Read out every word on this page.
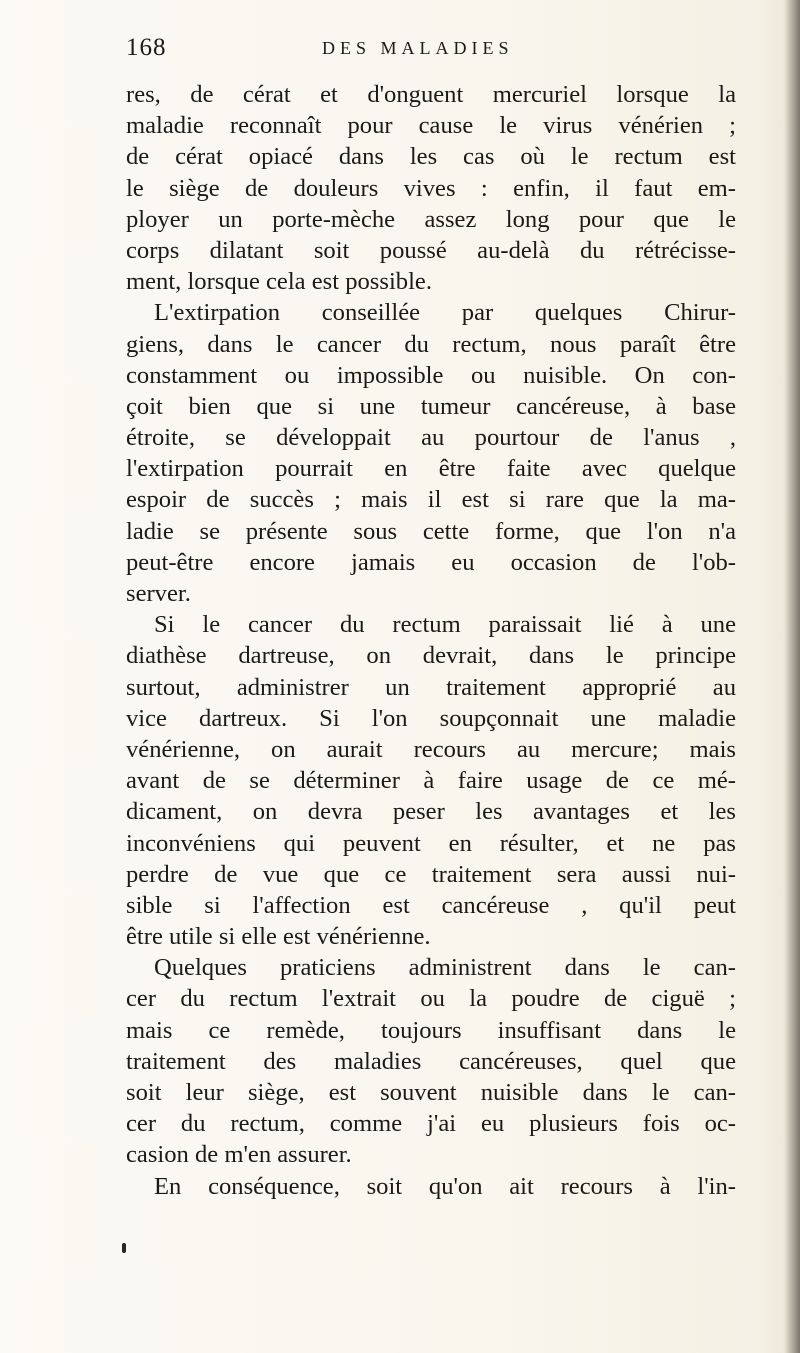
168	DES MALADIES
res, de cérat et d'onguent mercuriel lorsque la
maladie reconnaît pour cause le virus vénérien ;
de cérat opiacé dans les cas où le rectum est
le siège de douleurs vives : enfin, il faut em-
ployer un porte-mèche assez long pour que le
corps dilatant soit poussé au-delà du rétrécisse-
ment, lorsque cela est possible.
L'extirpation conseillée par quelques Chirur-
giens, dans le cancer du rectum, nous paraît être
constamment ou impossible ou nuisible. On con-
çoit bien que si une tumeur cancéreuse, à base
étroite, se développait au pourtour de l'anus ,
l'extirpation pourrait en être faite avec quelque
espoir de succès ; mais il est si rare que la ma-
ladie se présente sous cette forme, que l'on n'a
peut-être encore jamais eu occasion de l'ob-
server.
Si le cancer du rectum paraissait lié à une
diathèse dartreuse, on devrait, dans le principe
surtout, administrer un traitement approprié au
vice dartreux. Si l'on soupçonnait une maladie
vénérienne, on aurait recours au mercure; mais
avant de se déterminer à faire usage de ce mé-
dicament, on devra peser les avantages et les
inconvéniens qui peuvent en résulter, et ne pas
perdre de vue que ce traitement sera aussi nui-
sible si l'affection est cancéreuse , qu'il peut
être utile si elle est vénérienne.
Quelques praticiens administrent dans le can-
cer du rectum l'extrait ou la poudre de ciguë ;
mais ce remède, toujours insuffisant dans le
traitement des maladies cancéreuses, quel que
soit leur siège, est souvent nuisible dans le can-
cer du rectum, comme j'ai eu plusieurs fois oc-
casion de m'en assurer.
En conséquence, soit qu'on ait recours à l'in-
